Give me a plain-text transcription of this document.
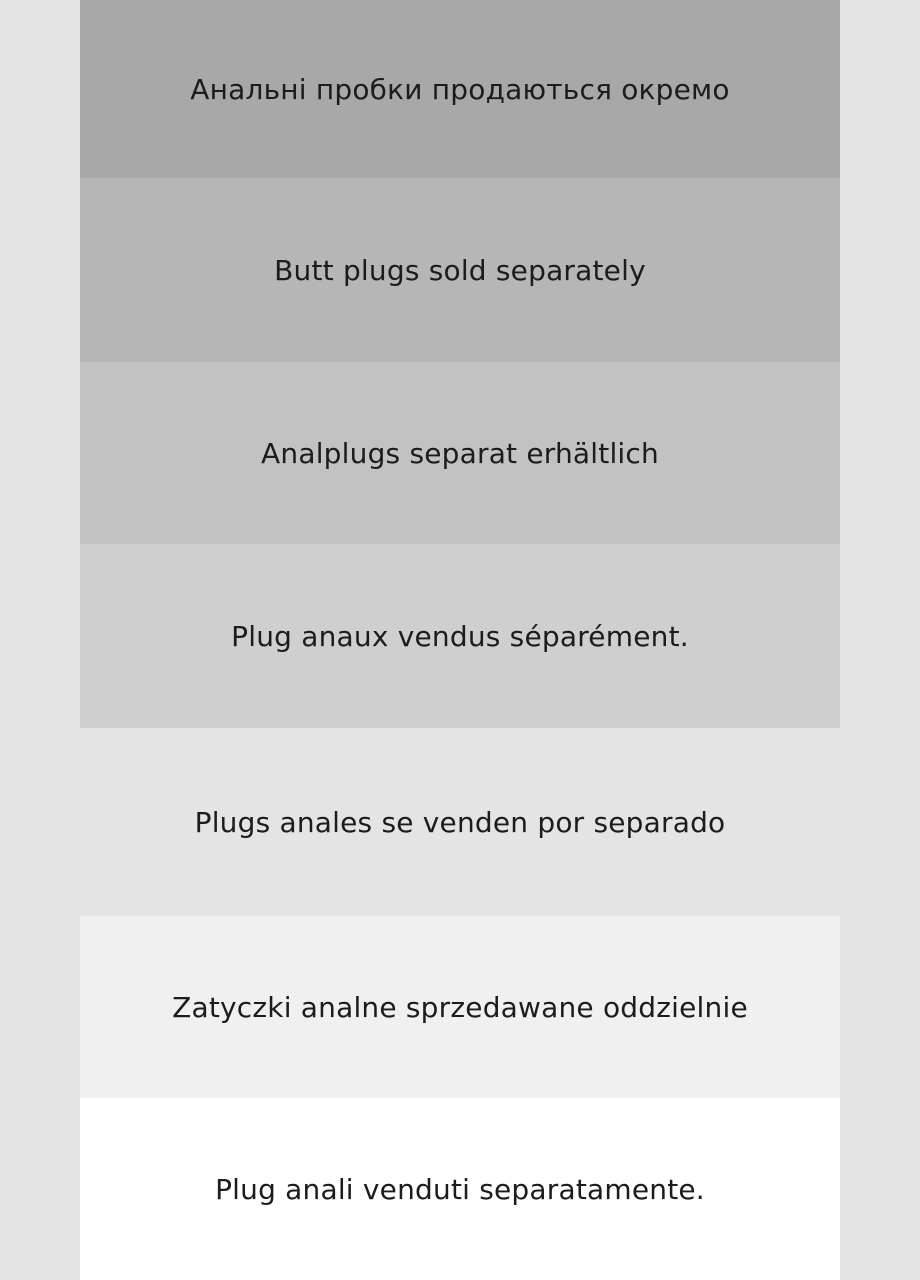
Анальні пробки продаються окремо
Butt plugs sold separately
Analplugs separat erhältlich
Plug anaux vendus séparément.
Plugs anales se venden por separado
Zatyczki analne sprzedawane oddzielnie
Plug anali venduti separatamente.
